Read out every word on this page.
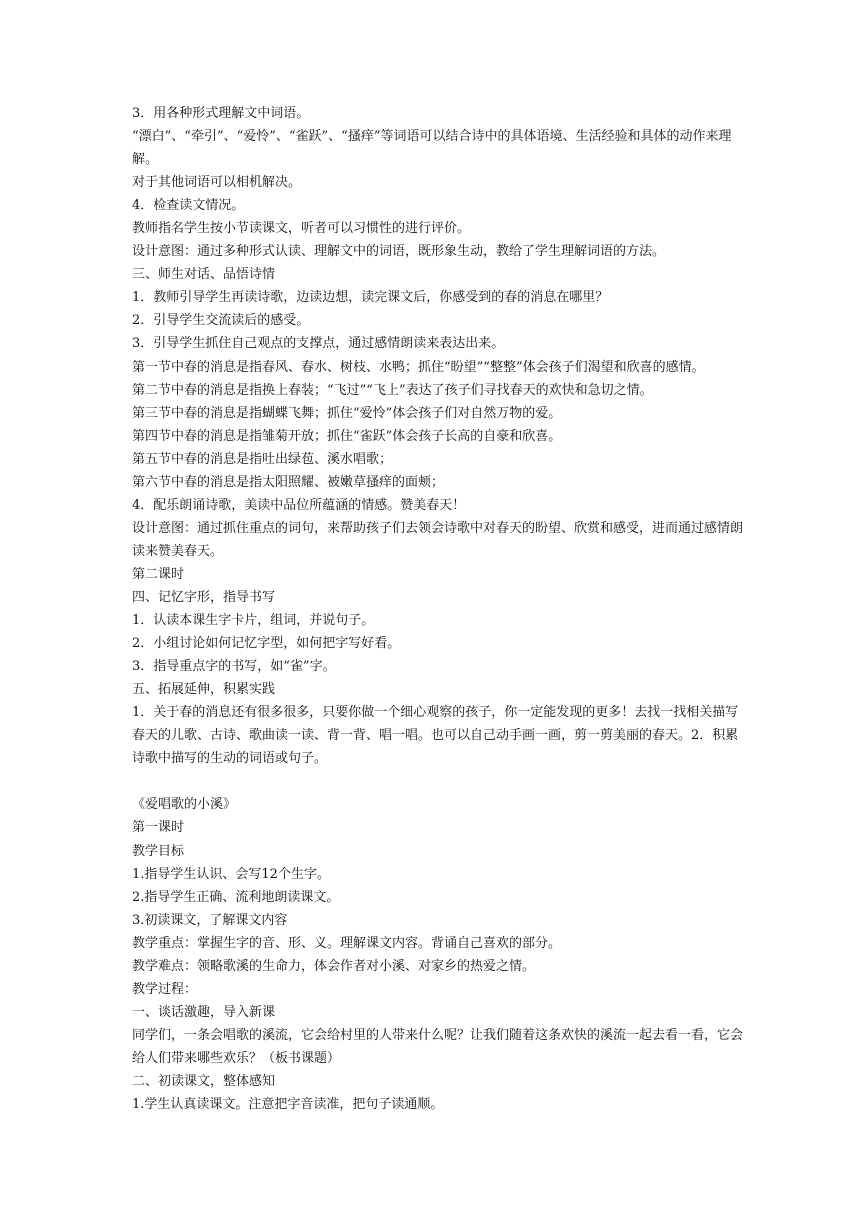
3．用各种形式理解文中词语。
“漂白”、“牵引”、“爱怜”、“雀跃”、“搔痒”等词语可以结合诗中的具体语境、生活经验和具体的动作来理解。
对于其他词语可以相机解决。
4．检查读文情况。
教师指名学生按小节读课文，听者可以习惯性的进行评价。
设计意图：通过多种形式认读、理解文中的词语，既形象生动，教给了学生理解词语的方法。
三、师生对话、品悟诗情
1．教师引导学生再读诗歌，边读边想，读完课文后，你感受到的春的消息在哪里？
2．引导学生交流读后的感受。
3．引导学生抓住自己观点的支撑点，通过感情朗读来表达出来。
第一节中春的消息是指春风、春水、树枝、水鸭；抓住“盼望”“整整”体会孩子们渴望和欣喜的感情。
第二节中春的消息是指换上春装；“飞过”“飞上”表达了孩子们寻找春天的欢快和急切之情。
第三节中春的消息是指蝴蝶飞舞；抓住“爱怜”体会孩子们对自然万物的爱。
第四节中春的消息是指雏菊开放；抓住“雀跃”体会孩子长高的自豪和欣喜。
第五节中春的消息是指吐出绿苞、溪水唱歌；
第六节中春的消息是指太阳照耀、被嫩草搔痒的面颊；
4．配乐朗诵诗歌，美读中品位所蕴涵的情感。赞美春天！
设计意图：通过抓住重点的词句，来帮助孩子们去领会诗歌中对春天的盼望、欣赏和感受，进而通过感情朗读来赞美春天。
第二课时
四、记忆字形，指导书写
1．认读本课生字卡片，组词，并说句子。
2．小组讨论如何记忆字型，如何把字写好看。
3．指导重点字的书写，如“雀”字。
五、拓展延伸，积累实践
1．关于春的消息还有很多很多，只要你做一个细心观察的孩子，你一定能发现的更多！去找一找相关描写春天的儿歌、古诗、歌曲读一读、背一背、唱一唱。也可以自己动手画一画，剪一剪美丽的春天。2．积累诗歌中描写的生动的词语或句子。
《爱唱歌的小溪》
第一课时
教学目标
1.指导学生认识、会写12个生字。
2.指导学生正确、流利地朗读课文。
3.初读课文，了解课文内容
教学重点：掌握生字的音、形、义。理解课文内容。背诵自己喜欢的部分。
教学难点：领略歌溪的生命力，体会作者对小溪、对家乡的热爱之情。
教学过程：
一、谈话激趣，导入新课
同学们，一条会唱歌的溪流，它会给村里的人带来什么呢？让我们随着这条欢快的溪流一起去看一看，它会给人们带来哪些欢乐？（板书课题）
二、初读课文，整体感知
1.学生认真读课文。注意把字音读准，把句子读通顺。
